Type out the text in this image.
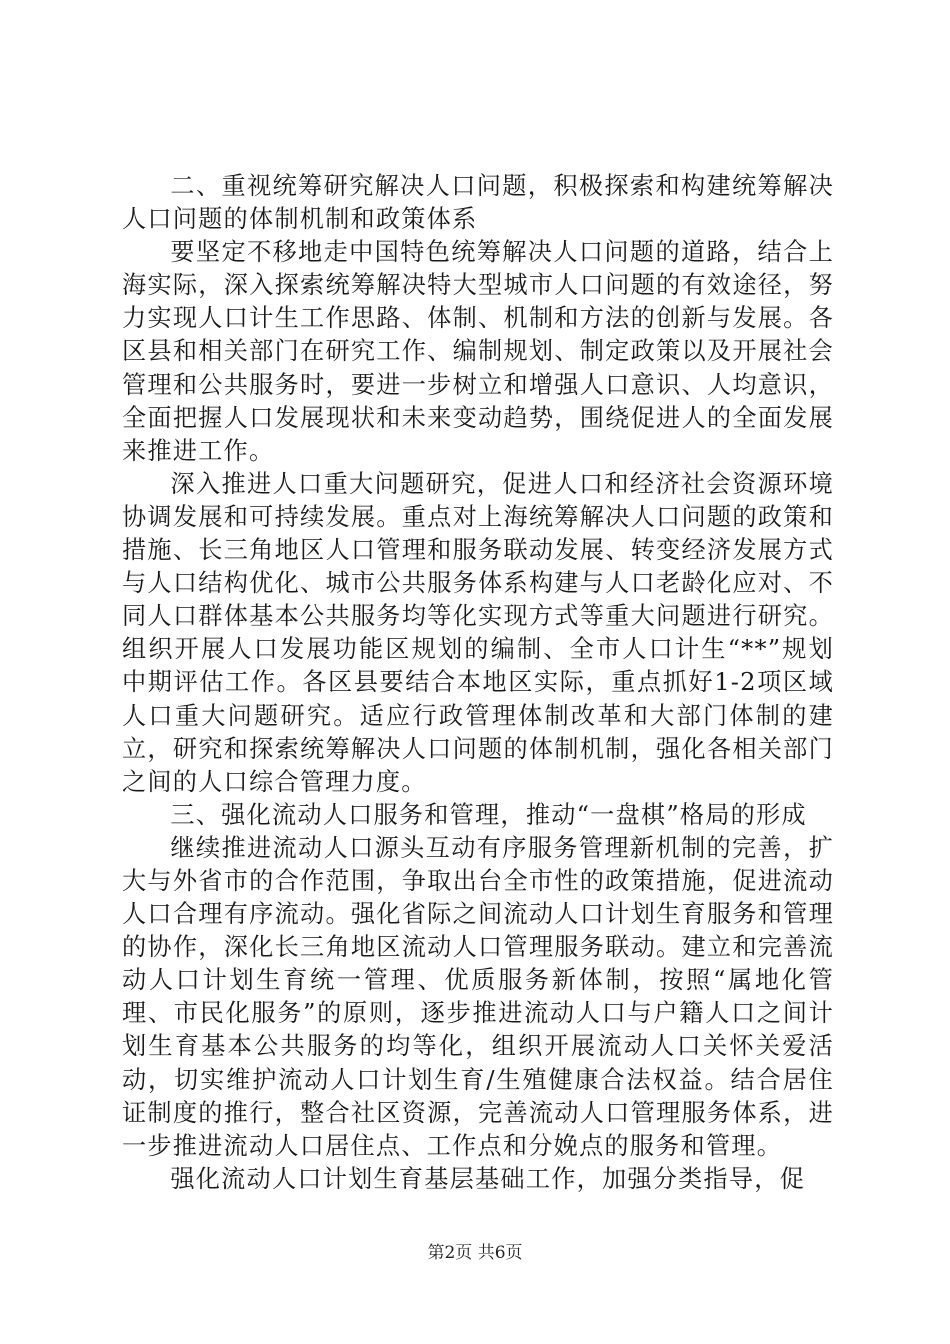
二、重视统筹研究解决人口问题，积极探索和构建统筹解决人口问题的体制机制和政策体系

要坚定不移地走中国特色统筹解决人口问题的道路，结合上海实际，深入探索统筹解决特大型城市人口问题的有效途径，努力实现人口计生工作思路、体制、机制和方法的创新与发展。各区县和相关部门在研究工作、编制规划、制定政策以及开展社会管理和公共服务时，要进一步树立和增强人口意识、人均意识，全面把握人口发展现状和未来变动趋势，围绕促进人的全面发展来推进工作。

深入推进人口重大问题研究，促进人口和经济社会资源环境协调发展和可持续发展。重点对上海统筹解决人口问题的政策和措施、长三角地区人口管理和服务联动发展、转变经济发展方式与人口结构优化、城市公共服务体系构建与人口老龄化应对、不同人口群体基本公共服务均等化实现方式等重大问题进行研究。组织开展人口发展功能区规划的编制、全市人口计生“**”规划中期评估工作。各区县要结合本地区实际，重点抓好1-2项区域人口重大问题研究。适应行政管理体制改革和大部门体制的建立，研究和探索统筹解决人口问题的体制机制，强化各相关部门之间的人口综合管理力度。

三、强化流动人口服务和管理，推动“一盘棋”格局的形成

继续推进流动人口源头互动有序服务管理新机制的完善，扩大与外省市的合作范围，争取出台全市性的政策措施，促进流动人口合理有序流动。强化省际之间流动人口计划生育服务和管理的协作，深化长三角地区流动人口管理服务联动。建立和完善流动人口计划生育统一管理、优质服务新体制，按照“属地化管理、市民化服务”的原则，逐步推进流动人口与户籍人口之间计划生育基本公共服务的均等化，组织开展流动人口关怀关爱活动，切实维护流动人口计划生育/生殖健康合法权益。结合居住证制度的推行，整合社区资源，完善流动人口管理服务体系，进一步推进流动人口居住点、工作点和分娩点的服务和管理。

强化流动人口计划生育基层基础工作，加强分类指导，促

第2页 共6页
